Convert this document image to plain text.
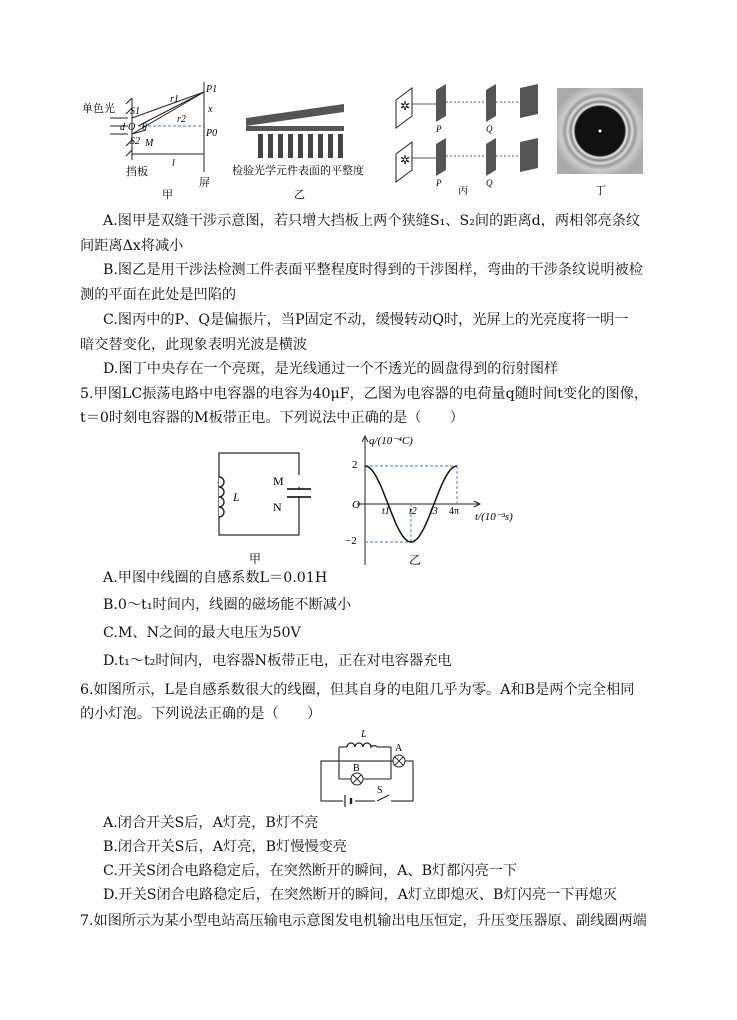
单色光 S1
S2
O θ
d
M
r1
r2
P1
x
P0
l
挡板
屏
甲
检验光学元件表面的平整度
乙
✲
✲
P	Q
P	Q
丙	丁
A.图甲是双缝干涉示意图，若只增大挡板上两个狭缝S₁、S₂间的距离d，两相邻亮条纹
间距离Δx将减小
B.图乙是用干涉法检测工件表面平整程度时得到的干涉图样，弯曲的干涉条纹说明被检
测的平面在此处是凹陷的
C.图丙中的P、Q是偏振片，当P固定不动，缓慢转动Q时，光屏上的光亮度将一明一
暗交替变化，此现象表明光波是横波
D.图丁中央存在一个亮斑，是光线通过一个不透光的圆盘得到的衍射图样
5.甲图LC振荡电路中电容器的电容为40μF，乙图为电容器的电荷量q随时间t变化的图像，
t＝0时刻电容器的M板带正电。下列说法中正确的是（　　）
L
M
N
甲
q/(10⁻⁴C)
t/(10⁻³s)
2
O
−2
t1 t2 t3 4π
乙
A.甲图中线圈的自感系数L＝0.01H
B.0～t₁时间内，线圈的磁场能不断减小
C.M、N之间的最大电压为50V
D.t₁～t₂时间内，电容器N板带正电，正在对电容器充电
6.如图所示，L是自感系数很大的线圈，但其自身的电阻几乎为零。A和B是两个完全相同
的小灯泡。下列说法正确的是（　　）
L
A
B
S
A.闭合开关S后，A灯亮，B灯不亮
B.闭合开关S后，A灯亮，B灯慢慢变亮
C.开关S闭合电路稳定后，在突然断开的瞬间，A、B灯都闪亮一下
D.开关S闭合电路稳定后，在突然断开的瞬间，A灯立即熄灭、B灯闪亮一下再熄灭
7.如图所示为某小型电站高压输电示意图发电机输出电压恒定，升压变压器原、副线圈两端
